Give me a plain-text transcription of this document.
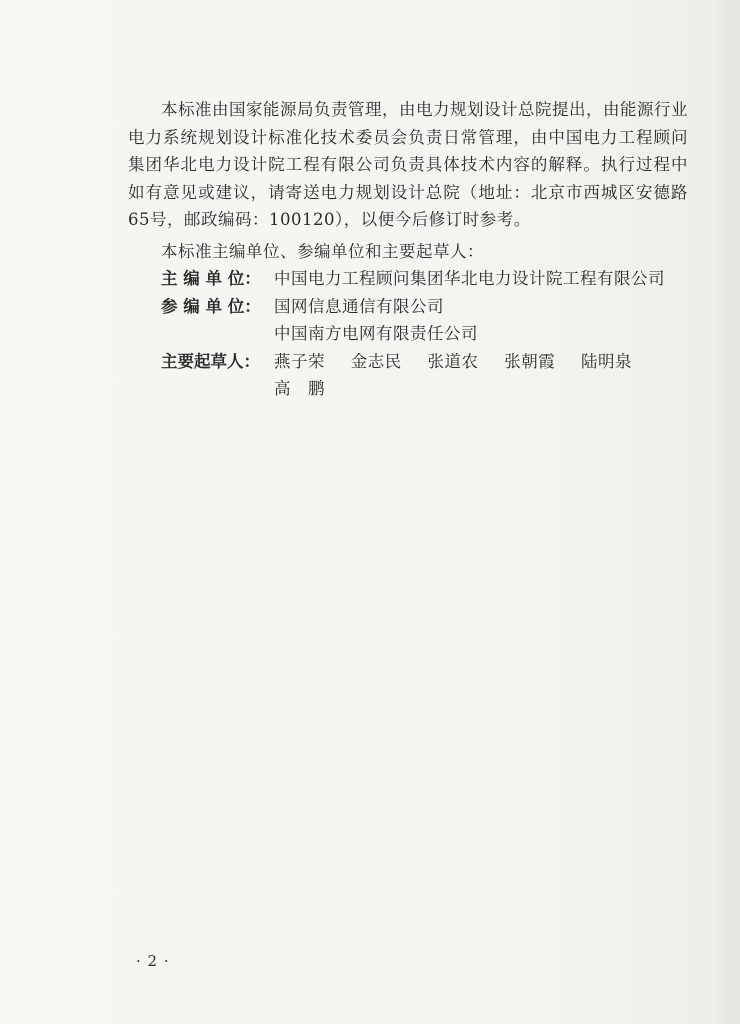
本标准由国家能源局负责管理，由电力规划设计总院提出，由能源行业电力系统规划设计标准化技术委员会负责日常管理，由中国电力工程顾问集团华北电力设计院工程有限公司负责具体技术内容的解释。执行过程中如有意见或建议，请寄送电力规划设计总院（地址：北京市西城区安德路65号，邮政编码：100120），以便今后修订时参考。

本标准主编单位、参编单位和主要起草人：

主 编 单 位： 中国电力工程顾问集团华北电力设计院工程有限公司
参 编 单 位： 国网信息通信有限公司
中国南方电网有限责任公司
主要起草人： 燕子荣 金志民 张道农 张朝霞 陆明泉
高　鹏
· 2 ·
